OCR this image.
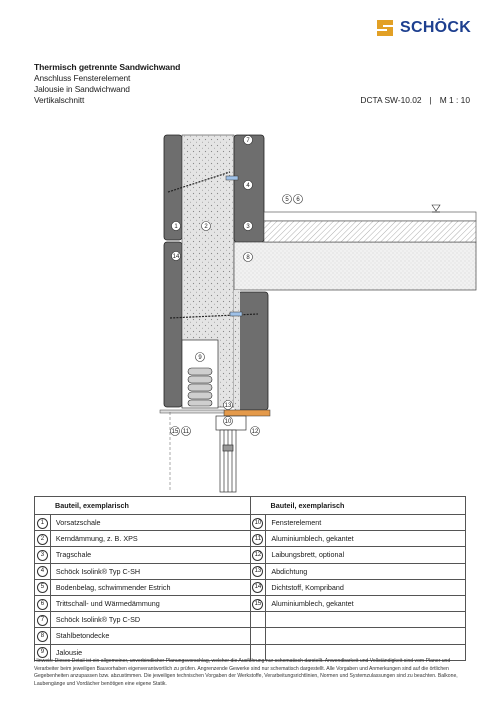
SCHÖCK
Thermisch getrennte Sandwichwand
Anschluss Fensterelement
Jalousie in Sandwichwand
Vertikalschnitt	DCTA SW-10.02 | M 1 : 10
1	2	3
4
5 6
7
8
9
10
11	12
13
14
15
Bauteil, exemplarisch		Bauteil, exemplarisch	
1	Vorsatzschale	10	Fensterelement
2	Kerndämmung, z. B. XPS	11	Aluminiumblech, gekantet
3	Tragschale	12	Laibungsbrett, optional
4	Schöck Isolink® Typ C-SH	13	Abdichtung
5	Bodenbelag, schwimmender Estrich	14	Dichtstoff, Komprіband
6	Trittschall- und Wärmedämmung	15	Aluminiumblech, gekantet
7	Schöck Isolink® Typ C-SD		
8	Stahlbetondecke		
9	Jalousie		
Hinweis: Dieses Detail ist ein allgemeiner, unverbindlicher Planungsvorschlag, welcher die Ausführung nur schematisch darstellt. Anwendbarkeit und Vollständigkeit sind vom Planer und Verarbeiter beim jeweiligen Bauvorhaben eigenverantwortlich zu prüfen. Angrenzende Gewerke sind nur schematisch dargestellt. Alle Vorgaben und Anmerkungen sind auf die örtlichen Gegebenheiten anzupassen bzw. abzustimmen. Die jeweiligen technischen Vorgaben der Werkstoffe, Verarbeitungsrichtlinien, Normen und Systemzulassungen sind zu beachten. Balkone, Laubengänge und Vordächer benötigen eine eigene Statik.
